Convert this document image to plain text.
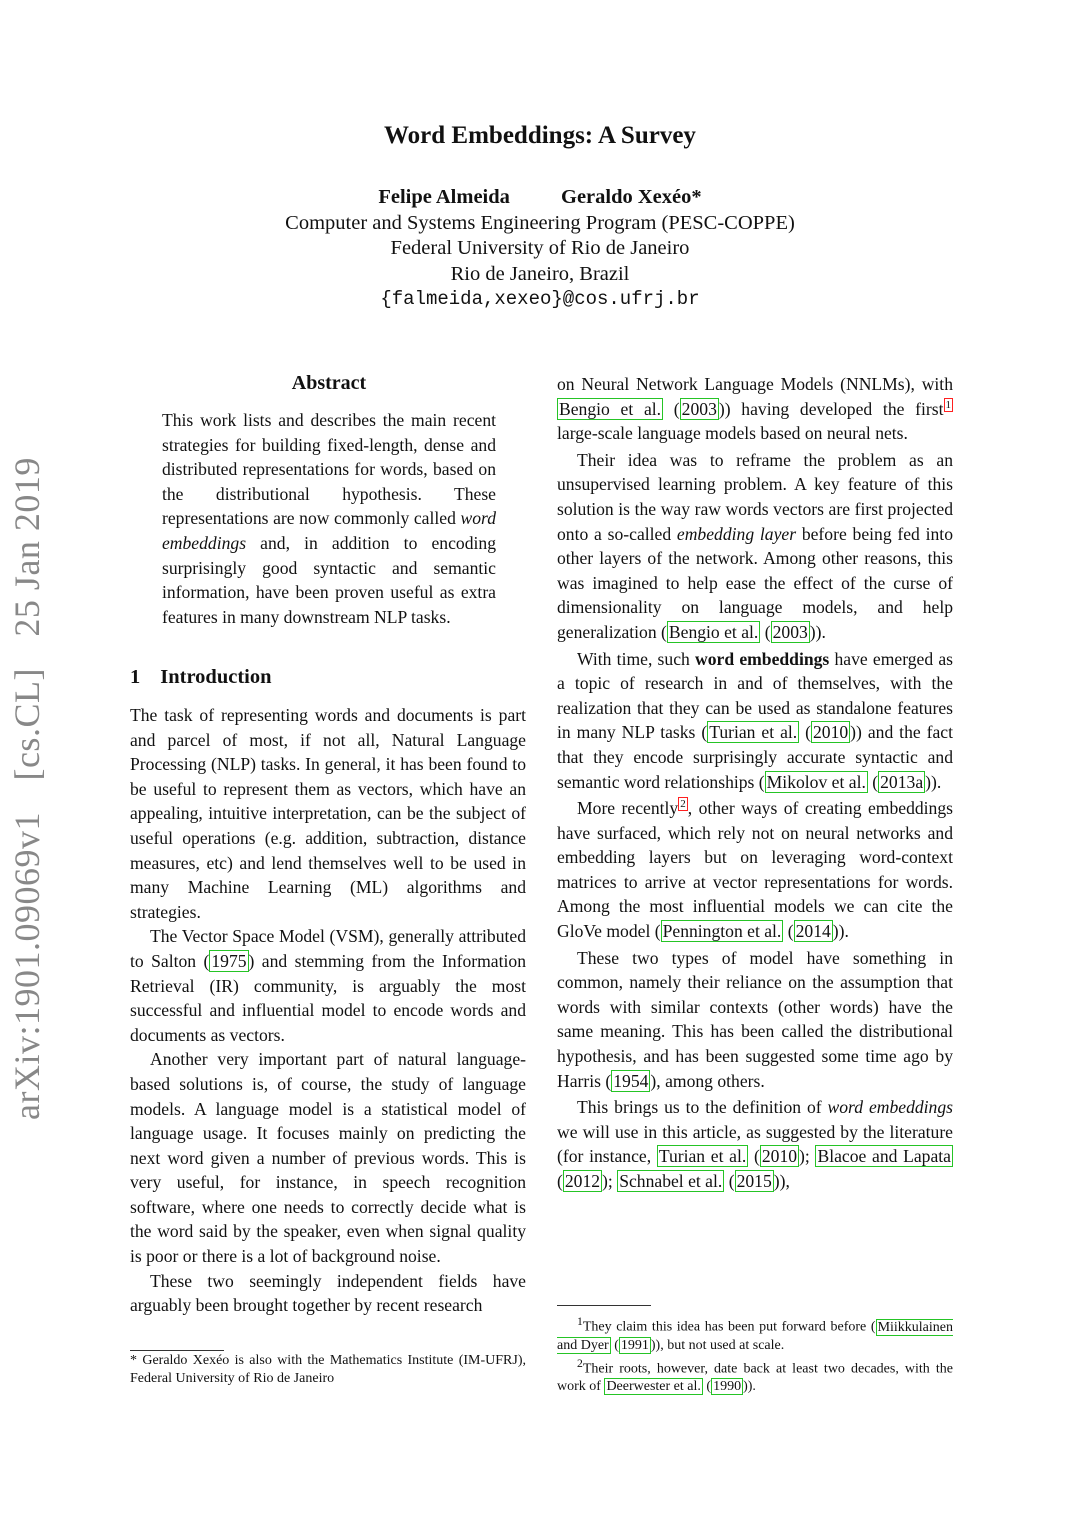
arXiv:1901.09069v1 [cs.CL] 25 Jan 2019
Word Embeddings: A Survey
Felipe Almeida Geraldo Xexéo*
Computer and Systems Engineering Program (PESC-COPPE)
Federal University of Rio de Janeiro
Rio de Janeiro, Brazil
{falmeida,xexeo}@cos.ufrj.br
Abstract

This work lists and describes the main recent strategies for building fixed-length, dense and distributed representations for words, based on the distributional hypothesis. These representations are now commonly called word embeddings and, in addition to encoding surprisingly good syntactic and semantic information, have been proven useful as extra features in many downstream NLP tasks.

1 Introduction

The task of representing words and documents is part and parcel of most, if not all, Natural Language Processing (NLP) tasks. In general, it has been found to be useful to represent them as vectors, which have an appealing, intuitive interpretation, can be the subject of useful operations (e.g. addition, subtraction, distance measures, etc) and lend themselves well to be used in many Machine Learning (ML) algorithms and strategies.

The Vector Space Model (VSM), generally attributed to Salton ( 1975 ) and stemming from the Information Retrieval (IR) community, is arguably the most successful and influential model to encode words and documents as vectors.

Another very important part of natural language-based solutions is, of course, the study of language models. A language model is a statistical model of language usage. It focuses mainly on predicting the next word given a number of previous words. This is very useful, for instance, in speech recognition software, where one needs to correctly decide what is the word said by the speaker, even when signal quality is poor or there is a lot of background noise.

These two seemingly independent fields have arguably been brought together by recent research

* Geraldo Xexéo is also with the Mathematics Institute (IM-UFRJ), Federal University of Rio de Janeiro

on Neural Network Language Models (NNLMs), with Bengio et al. ( 2003 )) having developed the first $^1$ large-scale language models based on neural nets.

Their idea was to reframe the problem as an unsupervised learning problem. A key feature of this solution is the way raw words vectors are first projected onto a so-called embedding layer before being fed into other layers of the network. Among other reasons, this was imagined to help ease the effect of the curse of dimensionality on language models, and help generalization ( Bengio et al. ( 2003 )).

With time, such word embeddings have emerged as a topic of research in and of themselves, with the realization that they can be used as standalone features in many NLP tasks ( Turian et al. ( 2010 )) and the fact that they encode surprisingly accurate syntactic and semantic word relationships ( Mikolov et al. ( 2013a )).

More recently $^2$ , other ways of creating embeddings have surfaced, which rely not on neural networks and embedding layers but on leveraging word-context matrices to arrive at vector representations for words. Among the most influential models we can cite the GloVe model ( Pennington et al. ( 2014 )).

These two types of model have something in common, namely their reliance on the assumption that words with similar contexts (other words) have the same meaning. This has been called the distributional hypothesis, and has been suggested some time ago by Harris ( 1954 ), among others.

This brings us to the definition of word embeddings we will use in this article, as suggested by the literature (for instance, Turian et al. ( 2010 ); Blacoe and Lapata ( 2012 ); Schnabel et al. ( 2015 )),

$^1$They claim this idea has been put forward before ( Miikkulainen and Dyer ( 1991 )), but not used at scale.
$^2$Their roots, however, date back at least two decades, with the work of Deerwester et al. ( 1990 )).
